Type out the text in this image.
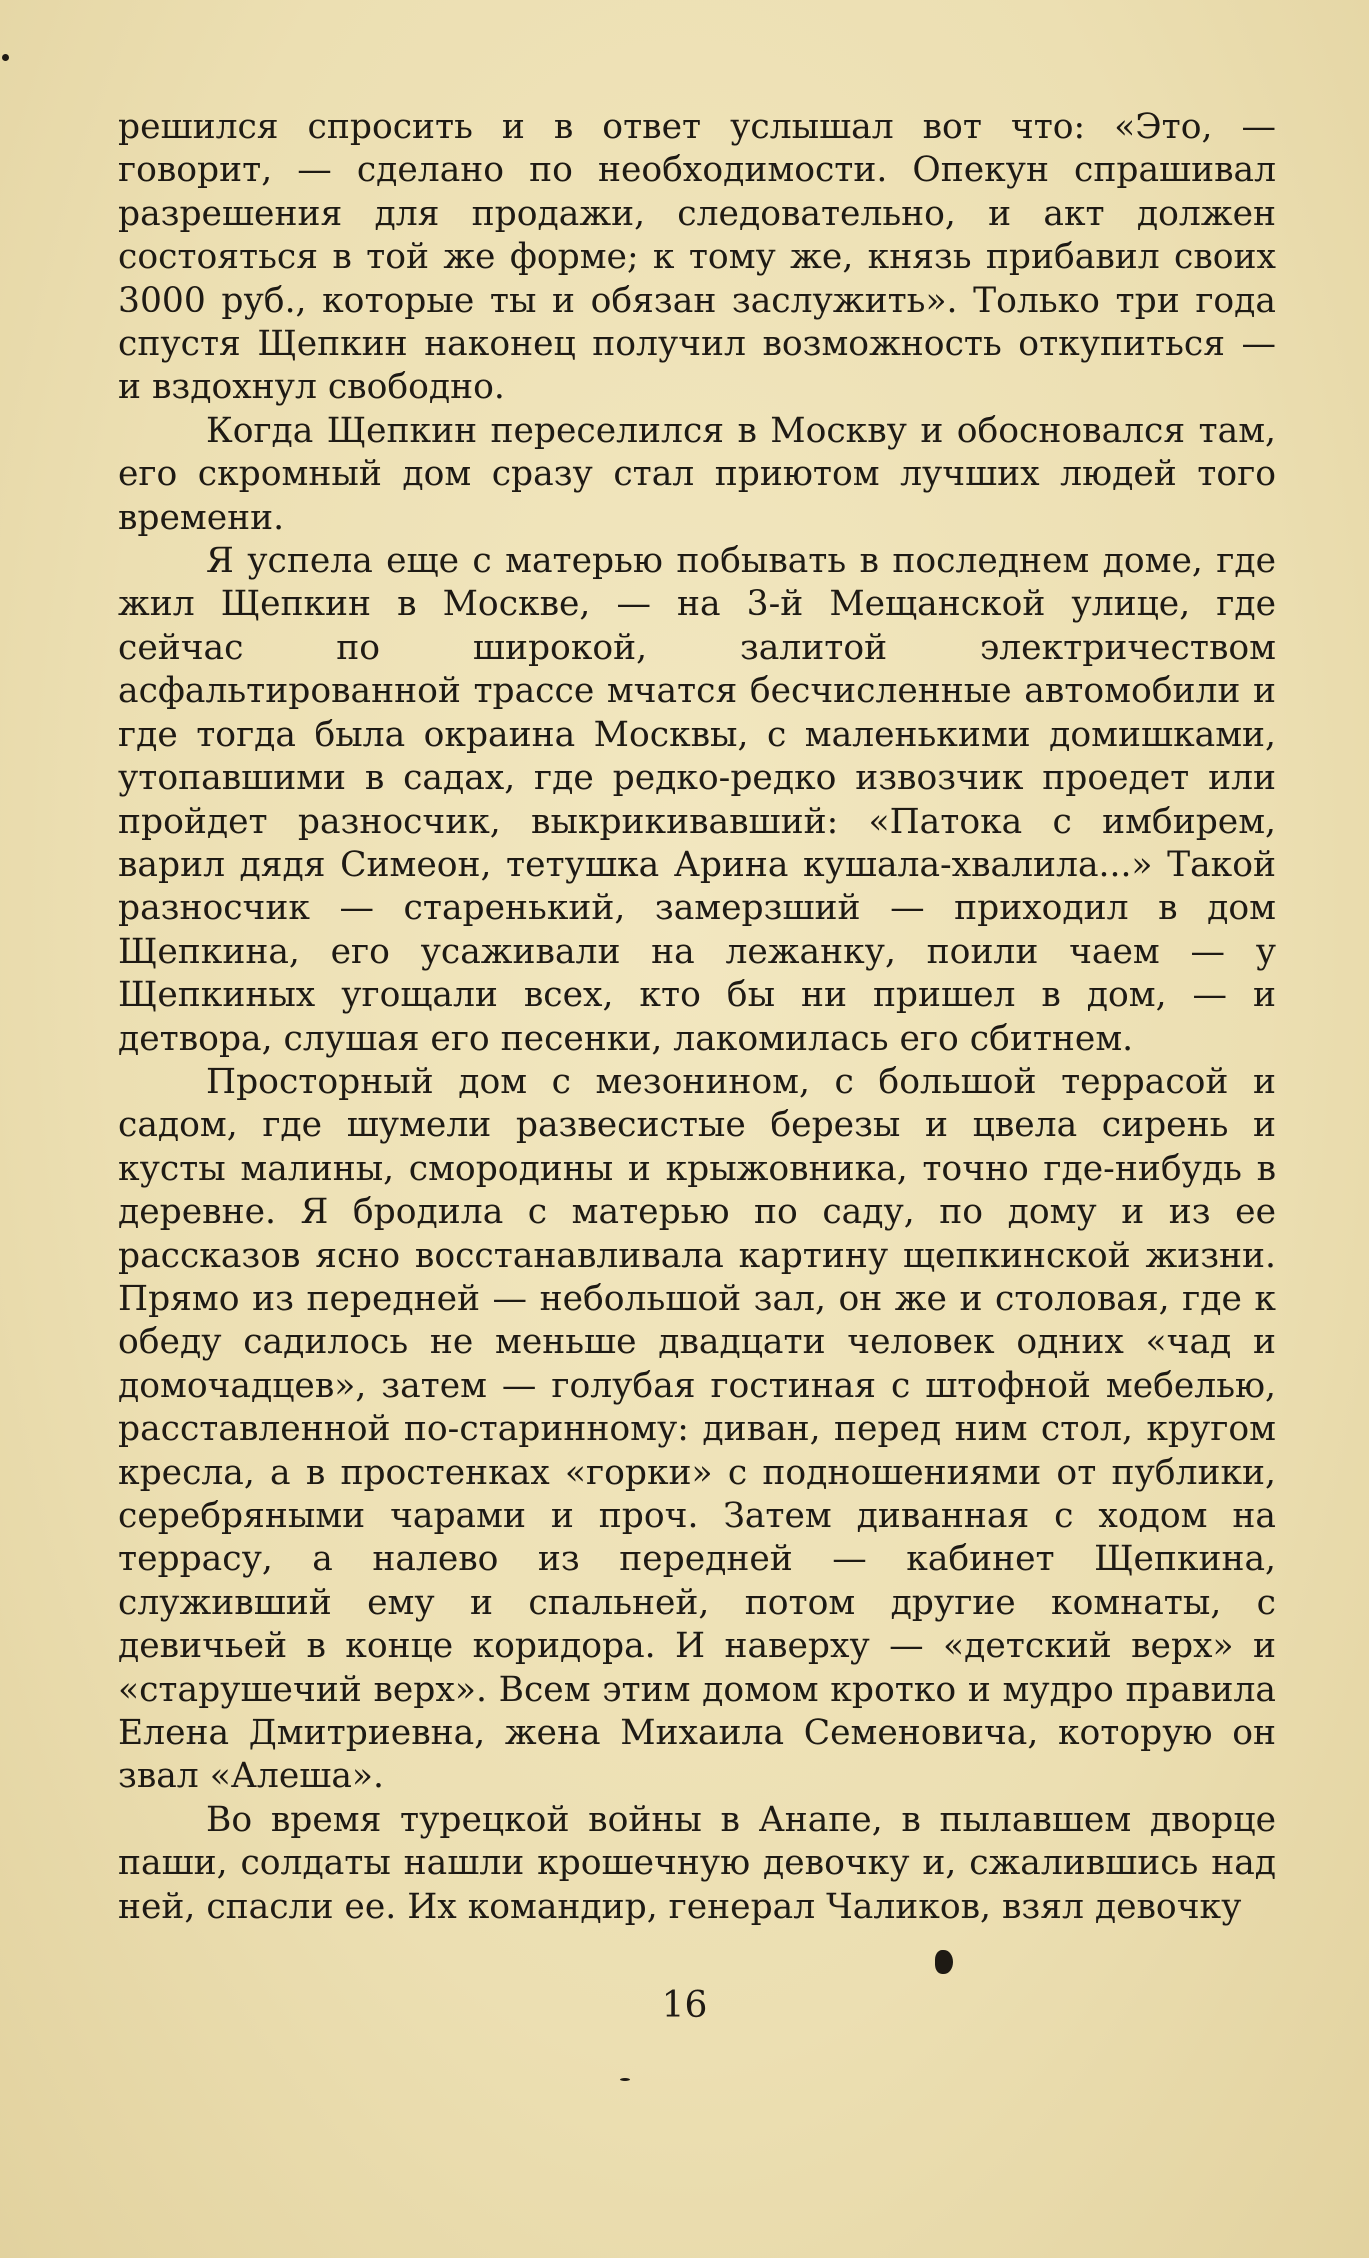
решился спросить и в ответ услышал вот что: «Это, — говорит, — сделано по необходимости. Опекун спрашивал разрешения для продажи, следовательно, и акт должен состояться в той же форме; к тому же, князь прибавил своих 3000 руб., которые ты и обязан заслужить». Только три года спустя Щепкин наконец получил возможность откупиться — и вздохнул свободно.

Когда Щепкин переселился в Москву и обосновался там, его скромный дом сразу стал приютом лучших людей того времени.

Я успела еще с матерью побывать в последнем доме, где жил Щепкин в Москве, — на 3-й Мещанской улице, где сейчас по широкой, залитой электричеством асфальтированной трассе мчатся бесчисленные автомобили и где тогда была окраина Москвы, с маленькими домишками, утопавшими в садах, где редко-редко извозчик проедет или пройдет разносчик, выкрикивавший: «Патока с имбирем, варил дядя Симеон, тетушка Арина кушала-хвалила...» Такой разносчик — старенький, замерзший — приходил в дом Щепкина, его усаживали на лежанку, поили чаем — у Щепкиных угощали всех, кто бы ни пришел в дом, — и детвора, слушая его песенки, лакомилась его сбитнем.

Просторный дом с мезонином, с большой террасой и садом, где шумели развесистые березы и цвела сирень и кусты малины, смородины и крыжовника, точно где-нибудь в деревне. Я бродила с матерью по саду, по дому и из ее рассказов ясно восстанавливала картину щепкинской жизни. Прямо из передней — небольшой зал, он же и столовая, где к обеду садилось не меньше двадцати человек одних «чад и домочадцев», затем — голубая гостиная с штофной мебелью, расставленной по-старинному: диван, перед ним стол, кругом кресла, а в простенках «горки» с подношениями от публики, серебряными чарами и проч. Затем диванная с ходом на террасу, а налево из передней — кабинет Щепкина, служивший ему и спальней, потом другие комнаты, с девичьей в конце коридора. И наверху — «детский верх» и «старушечий верх». Всем этим домом кротко и мудро правила Елена Дмитриевна, жена Михаила Семеновича, которую он звал «Алеша».

Во время турецкой войны в Анапе, в пылавшем дворце паши, солдаты нашли крошечную девочку и, сжалившись над ней, спасли ее. Их командир, генерал Чаликов, взял девочку

16
